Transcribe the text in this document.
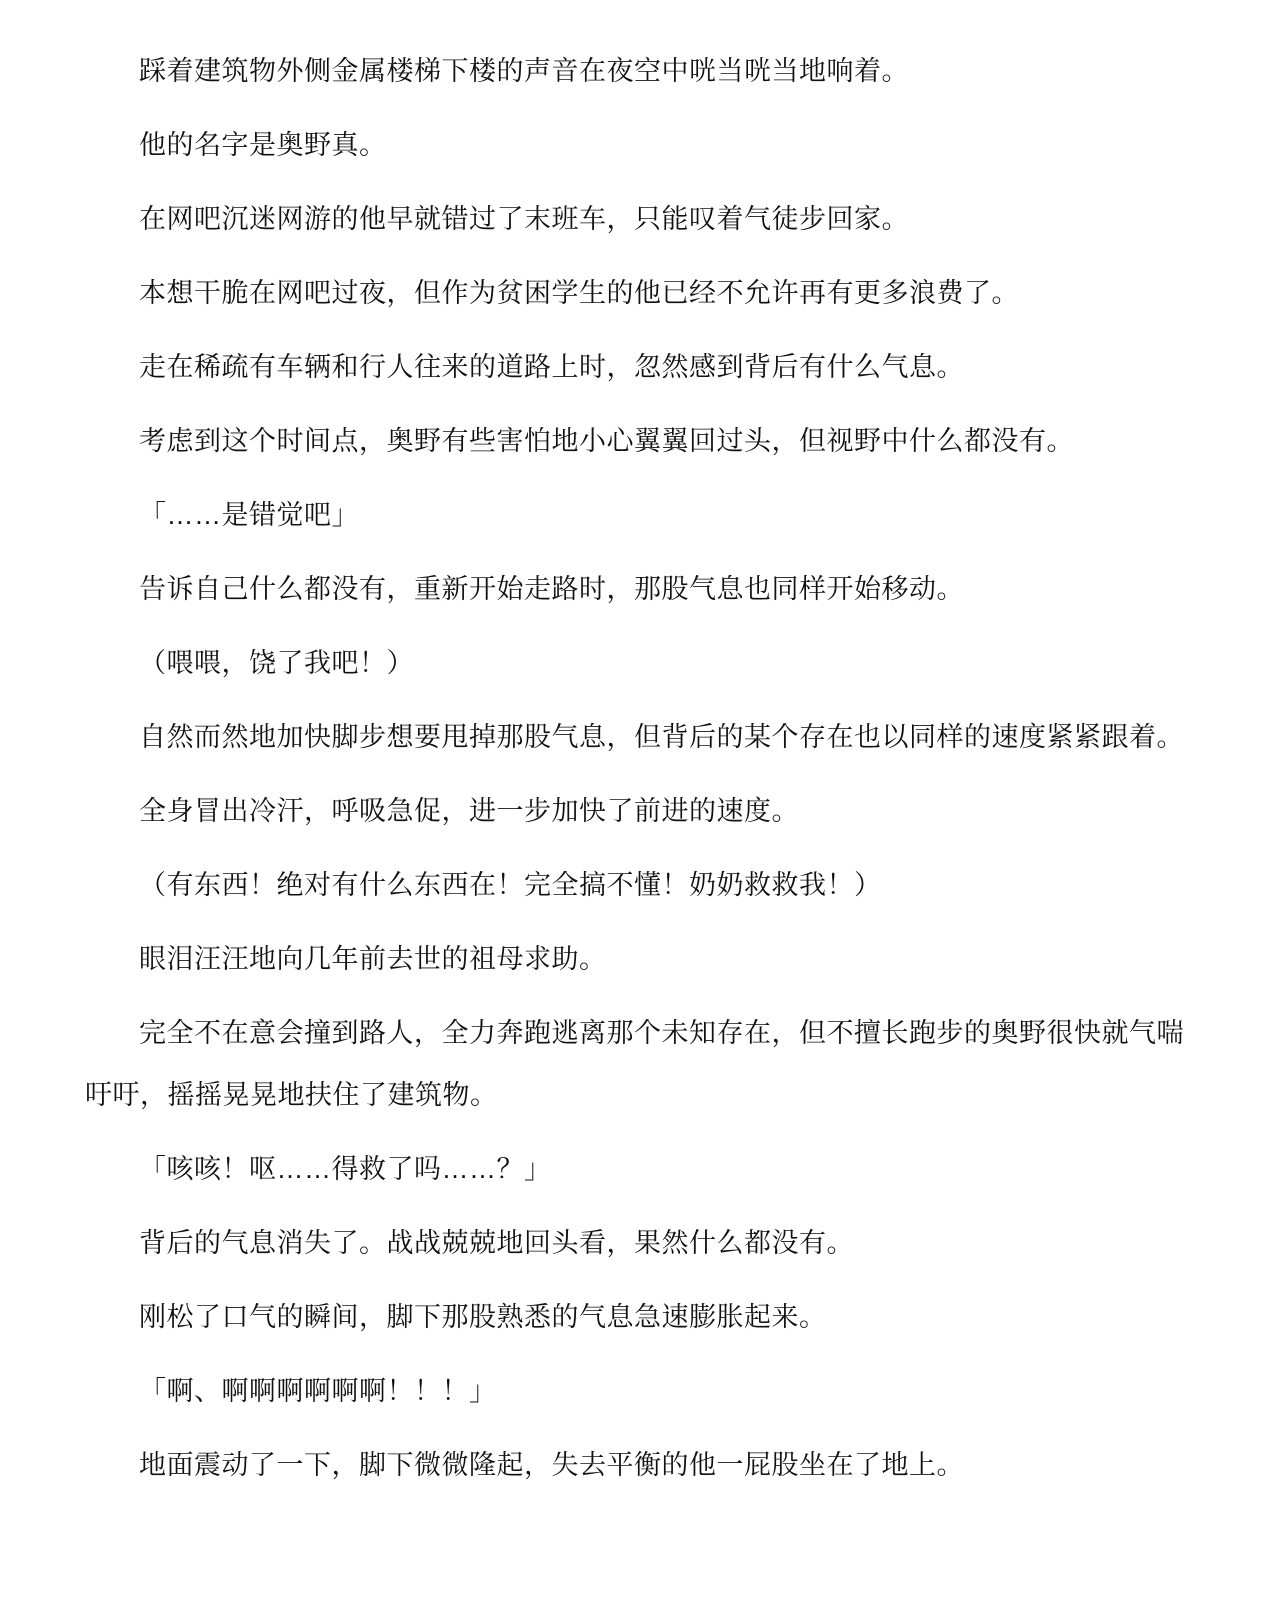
踩着建筑物外侧金属楼梯下楼的声音在夜空中咣当咣当地响着。

他的名字是奥野真。

在网吧沉迷网游的他早就错过了末班车，只能叹着气徒步回家。

本想干脆在网吧过夜，但作为贫困学生的他已经不允许再有更多浪费了。

走在稀疏有车辆和行人往来的道路上时，忽然感到背后有什么气息。

考虑到这个时间点，奥野有些害怕地小心翼翼回过头，但视野中什么都没有。

「……是错觉吧」

告诉自己什么都没有，重新开始走路时，那股气息也同样开始移动。

（喂喂，饶了我吧！）

自然而然地加快脚步想要甩掉那股气息，但背后的某个存在也以同样的速度紧紧跟着。

全身冒出冷汗，呼吸急促，进一步加快了前进的速度。

（有东西！绝对有什么东西在！完全搞不懂！奶奶救救我！）

眼泪汪汪地向几年前去世的祖母求助。

完全不在意会撞到路人，全力奔跑逃离那个未知存在，但不擅长跑步的奥野很快就气喘吁吁，摇摇晃晃地扶住了建筑物。

「咳咳！呕……得救了吗……？」

背后的气息消失了。战战兢兢地回头看，果然什么都没有。

刚松了口气的瞬间，脚下那股熟悉的气息急速膨胀起来。

「啊、啊啊啊啊啊啊！！！」

地面震动了一下，脚下微微隆起，失去平衡的他一屁股坐在了地上。
